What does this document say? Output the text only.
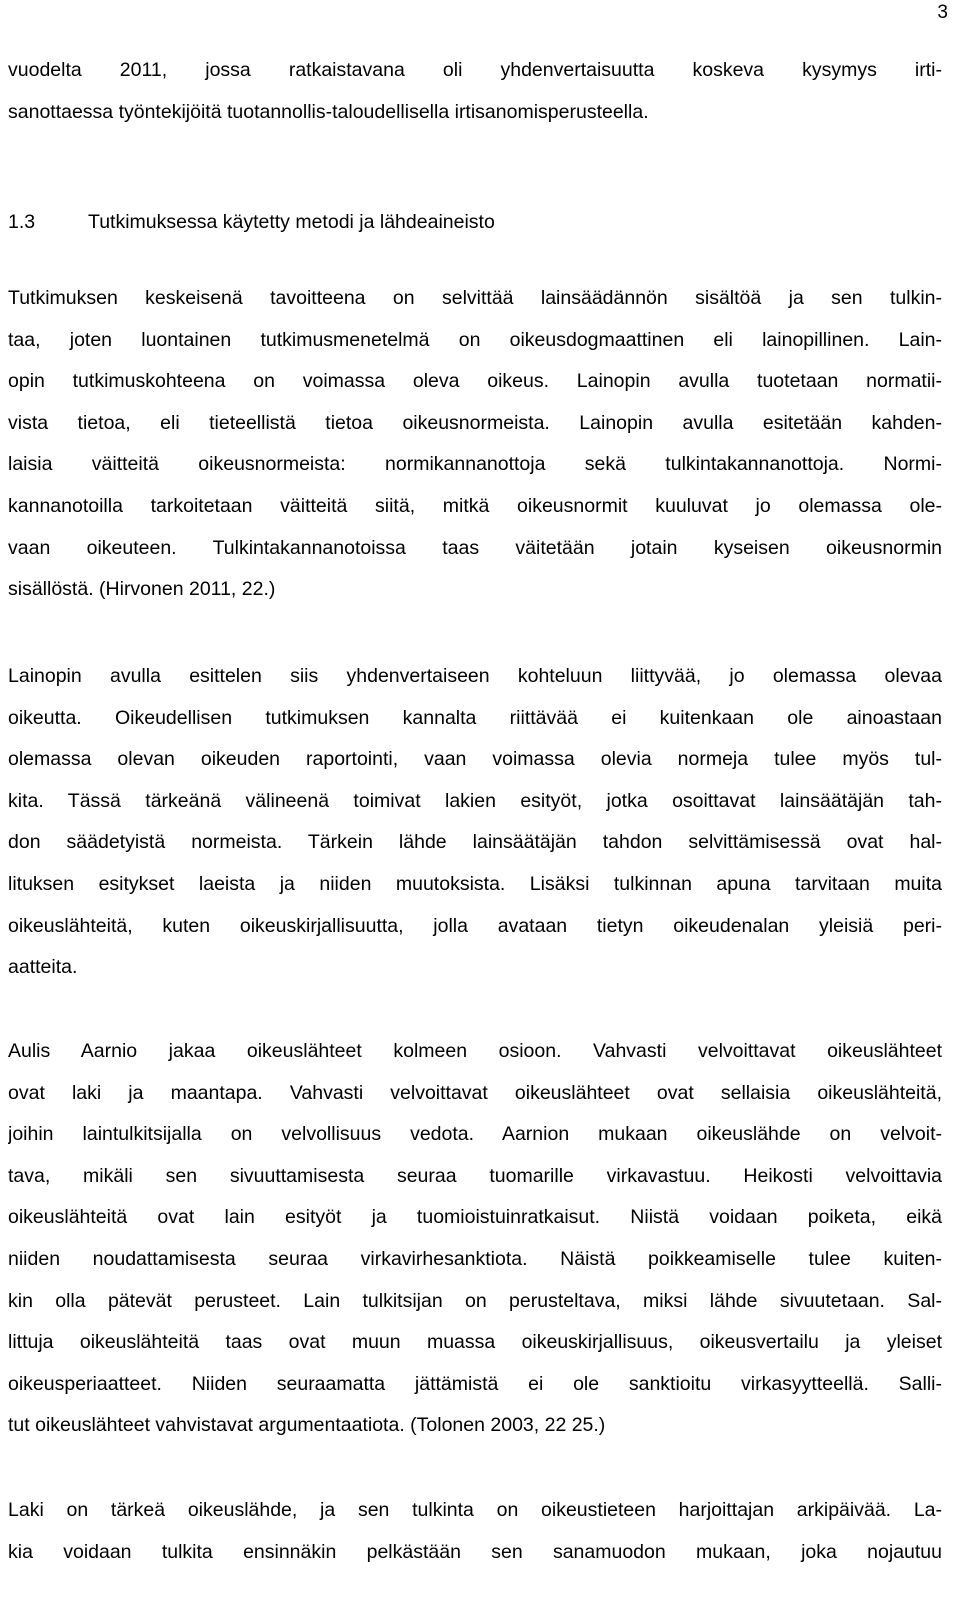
3
vuodelta 2011, jossa ratkaistavana oli yhdenvertaisuutta koskeva kysymys irti-
sanottaessa työntekijöitä tuotannollis-taloudellisella irtisanomisperusteella.
1.3	Tutkimuksessa käytetty metodi ja lähdeaineisto
Tutkimuksen keskeisenä tavoitteena on selvittää lainsäädännön sisältöä ja sen tulkin-
taa, joten luontainen tutkimusmenetelmä on oikeusdogmaattinen eli lainopillinen. Lain-
opin tutkimuskohteena on voimassa oleva oikeus. Lainopin avulla tuotetaan normatii-
vista tietoa, eli tieteellistä tietoa oikeusnormeista. Lainopin avulla esitetään kahden-
laisia väitteitä oikeusnormeista: normikannanottoja sekä tulkintakannanottoja. Normi-
kannanotoilla tarkoitetaan väitteitä siitä, mitkä oikeusnormit kuuluvat jo olemassa ole-
vaan oikeuteen. Tulkintakannanotoissa taas väitetään jotain kyseisen oikeusnormin
sisällöstä. (Hirvonen 2011, 22.)
Lainopin avulla esittelen siis yhdenvertaiseen kohteluun liittyvää, jo olemassa olevaa
oikeutta. Oikeudellisen tutkimuksen kannalta riittävää ei kuitenkaan ole ainoastaan
olemassa olevan oikeuden raportointi, vaan voimassa olevia normeja tulee myös tul-
kita. Tässä tärkeänä välineenä toimivat lakien esityöt, jotka osoittavat lainsäätäjän tah-
don säädetyistä normeista. Tärkein lähde lainsäätäjän tahdon selvittämisessä ovat hal-
lituksen esitykset laeista ja niiden muutoksista. Lisäksi tulkinnan apuna tarvitaan muita
oikeuslähteitä, kuten oikeuskirjallisuutta, jolla avataan tietyn oikeudenalan yleisiä peri-
aatteita.
Aulis Aarnio jakaa oikeuslähteet kolmeen osioon. Vahvasti velvoittavat oikeuslähteet
ovat laki ja maantapa. Vahvasti velvoittavat oikeuslähteet ovat sellaisia oikeuslähteitä,
joihin laintulkitsijalla on velvollisuus vedota. Aarnion mukaan oikeuslähde on velvoit-
tava, mikäli sen sivuuttamisesta seuraa tuomarille virkavastuu. Heikosti velvoittavia
oikeuslähteitä ovat lain esityöt ja tuomioistuinratkaisut. Niistä voidaan poiketa, eikä
niiden noudattamisesta seuraa virkavirhesanktiota. Näistä poikkeamiselle tulee kuiten-
kin olla pätevät perusteet. Lain tulkitsijan on perusteltava, miksi lähde sivuutetaan. Sal-
littuja oikeuslähteitä taas ovat muun muassa oikeuskirjallisuus, oikeusvertailu ja yleiset
oikeusperiaatteet. Niiden seuraamatta jättämistä ei ole sanktioitu virkasyytteellä. Salli-
tut oikeuslähteet vahvistavat argumentaatiota. (Tolonen 2003, 22 25.)
Laki on tärkeä oikeuslähde, ja sen tulkinta on oikeustieteen harjoittajan arkipäivää. La-
kia voidaan tulkita ensinnäkin pelkästään sen sanamuodon mukaan, joka nojautuu
